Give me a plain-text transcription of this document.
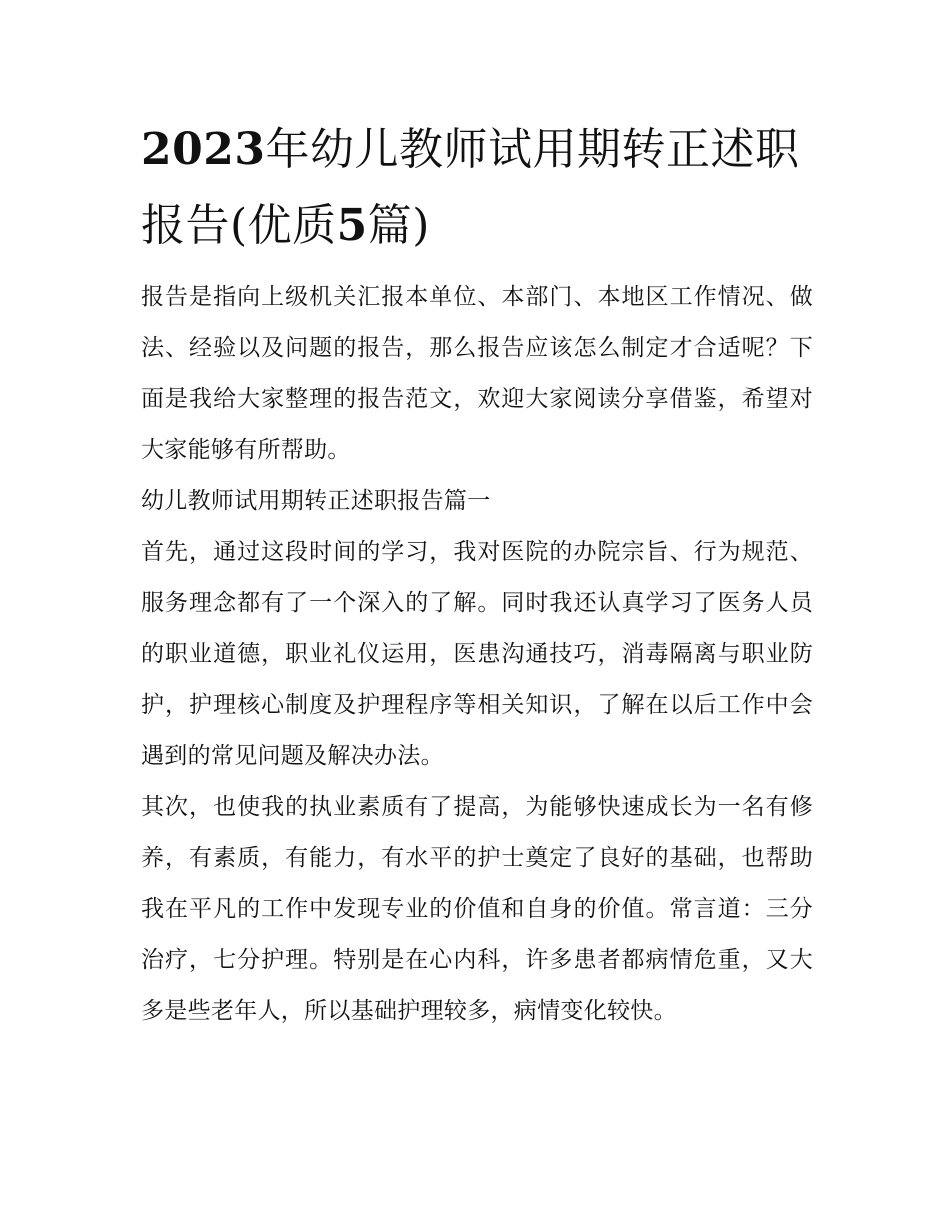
2023年幼儿教师试用期转正述职报告(优质5篇)

报告是指向上级机关汇报本单位、本部门、本地区工作情况、做法、经验以及问题的报告，那么报告应该怎么制定才合适呢？下面是我给大家整理的报告范文，欢迎大家阅读分享借鉴，希望对大家能够有所帮助。

幼儿教师试用期转正述职报告篇一

首先，通过这段时间的学习，我对医院的办院宗旨、行为规范、服务理念都有了一个深入的了解。同时我还认真学习了医务人员的职业道德，职业礼仪运用，医患沟通技巧，消毒隔离与职业防护，护理核心制度及护理程序等相关知识，了解在以后工作中会遇到的常见问题及解决办法。

其次，也使我的执业素质有了提高，为能够快速成长为一名有修养，有素质，有能力，有水平的护士奠定了良好的基础，也帮助我在平凡的工作中发现专业的价值和自身的价值。常言道：三分治疗，七分护理。特别是在心内科，许多患者都病情危重，又大多是些老年人，所以基础护理较多，病情变化较快。
